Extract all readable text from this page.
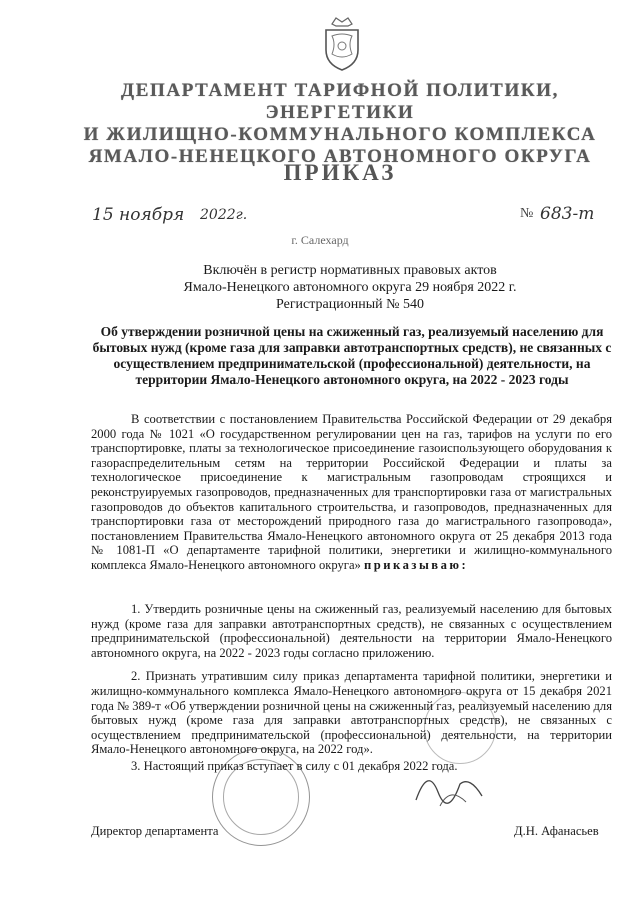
ДЕПАРТАМЕНТ ТАРИФНОЙ ПОЛИТИКИ, ЭНЕРГЕТИКИ
И ЖИЛИЩНО-КОММУНАЛЬНОГО КОМПЛЕКСА
ЯМАЛО-НЕНЕЦКОГО АВТОНОМНОГО ОКРУГА
ПРИКАЗ
15 ноября 2022г.	№ 683-т
г. Салехард
Включён в регистр нормативных правовых актов
Ямало-Ненецкого автономного округа 29 ноября 2022 г.
Регистрационный № 540
Об утверждении розничной цены на сжиженный газ, реализуемый населению для бытовых нужд (кроме газа для заправки автотранспортных средств), не связанных с осуществлением предпринимательской (профессиональной) деятельности, на территории Ямало-Ненецкого автономного округа, на 2022 - 2023 годы

В соответствии с постановлением Правительства Российской Федерации от 29 декабря 2000 года № 1021 «О государственном регулировании цен на газ, тарифов на услуги по его транспортировке, платы за технологическое присоединение газоиспользующего оборудования к газораспределительным сетям на территории Российской Федерации и платы за технологическое присоединение к магистральным газопроводам строящихся и реконструируемых газопроводов, предназначенных для транспортировки газа от магистральных газопроводов до объектов капитального строительства, и газопроводов, предназначенных для транспортировки газа от месторождений природного газа до магистрального газопровода», постановлением Правительства Ямало-Ненецкого автономного округа от 25 декабря 2013 года № 1081-П «О департаменте тарифной политики, энергетики и жилищно-коммунального комплекса Ямало-Ненецкого автономного округа» приказываю:

1. Утвердить розничные цены на сжиженный газ, реализуемый населению для бытовых нужд (кроме газа для заправки автотранспортных средств), не связанных с осуществлением предпринимательской (профессиональной) деятельности на территории Ямало-Ненецкого автономного округа, на 2022 - 2023 годы согласно приложению.

2. Признать утратившим силу приказ департамента тарифной политики, энергетики и жилищно-коммунального комплекса Ямало-Ненецкого автономного округа от 15 декабря 2021 года № 389-т «Об утверждении розничной цены на сжиженный газ, реализуемый населению для бытовых нужд (кроме газа для заправки автотранспортных средств), не связанных с осуществлением предпринимательской (профессиональной) деятельности, на территории Ямало-Ненецкого автономного округа, на 2022 год».

3. Настоящий приказ вступает в силу с 01 декабря 2022 года.

Директор департамента	Д.Н. Афанасьев
